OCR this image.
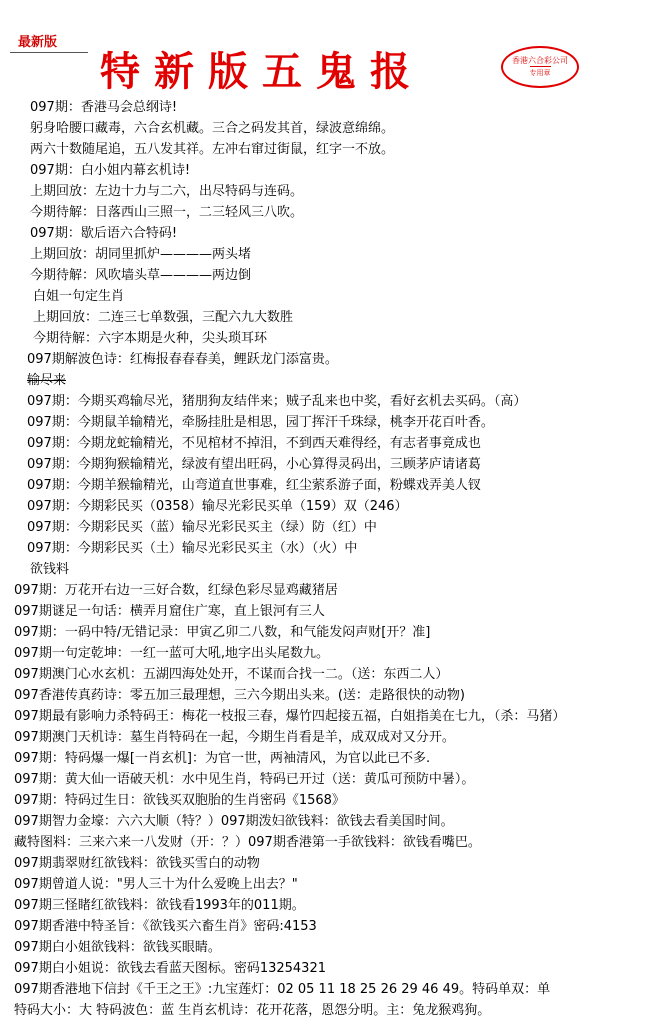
最新版
特新版五鬼报	香港六合彩公司
专用章
097期：香港马会总纲诗!
躬身哈腰口藏毒，六合玄机藏。三合之码发其首，绿波意绵绵。
两六十数随尾追，五八发其祥。左冲右窜过街鼠，红字一不放。
097期：白小姐内幕玄机诗!
上期回放：左边十力与二六，出尽特码与连码。
今期待解：日落西山三照一，二三轻风三八吹。
097期：歇后语六合特码!
上期回放：胡同里抓炉————两头堵
今期待解：风吹墙头草————两边倒
白姐一句定生肖
上期回放：二连三七单数强，三配六九大数胜
今期待解：六字本期是火种，尖头琐耳环
097期解波色诗：红梅报春春春美，鲤跃龙门添富贵。
输尽来
097期：今期买鸡输尽光，猪朋狗友结伴来；贼子乱来也中奖，看好玄机去买码。（高）
097期：今期鼠羊输精光，牵肠挂肚是相思，园丁挥汗千珠绿，桃李开花百叶香。
097期：今期龙蛇输精光，不见棺材不掉泪，不到西天难得经，有志者事竟成也
097期：今期狗猴输精光，绿波有望出旺码，小心算得灵码出，三顾茅庐请诸葛
097期：今期羊猴输精光，山弯道直世事难，红尘萦系游子面，粉蝶戏弄美人钗
097期：今期彩民买（0358）输尽光彩民买单（159）双（246）
097期：今期彩民买（蓝）输尽光彩民买主（绿）防（红）中
097期：今期彩民买（土）输尽光彩民买主（水）（火）中
欲钱料
097期：万花开右边一三好合数，红绿色彩尽显鸡藏猪居
097期谜足一句话：横弄月窟住广寒，直上银河有三人
097期：一码中特/无错记录：甲寅乙卯二八数，和气能发闷声财[开？准]
097期一句定乾坤：一红一蓝可大吼,地字出头尾数九。
097期澳门心水玄机：五湖四海处处开，不谋而合找一二。（送：东西二人）
097香港传真药诗：零五加三最理想，三六今期出头来。(送：走路很快的动物)
097期最有影响力杀特码王：梅花一枝报三春，爆竹四起接五福，白姐指美在七九，（杀：马猪）
097期澳门天机诗：墓生肖特码在一起，今期生肖看是羊，成双成对又分开。
097期：特码爆一爆[一肖玄机]：为官一世，两袖清风，为官以此已不多.
097期：黄大仙一语破天机：水中见生肖，特码已开过（送：黄瓜可预防中暑）。
097期：特码过生日：欲钱买双胞胎的生肖密码《1568》
097期智力金壕：六六大顺（特？）097期泼妇欲钱料：欲钱去看美国时间。
藏特图料：三来六来一八发财（开：？）097期香港第一手欲钱料：欲钱看嘴巴。
097期翡翠财红欲钱料：欲钱买雪白的动物
097期曾道人说："男人三十为什么爱晚上出去？"
097期三怪睹红欲钱料：欲钱看1993年的011期。
097期香港中特圣旨：《欲钱买六畜生肖》密码:4153
097期白小姐欲钱料：欲钱买眼睛。
097期白小姐说：欲钱去看蓝天图标。密码13254321
097期香港地下信封《千王之王》:九宝莲灯：02 05 11 18 25 26 29 46 49。特码单双：单
特码大小：大 特码波色：蓝 生肖玄机诗：花开花落，恩怨分明。主：兔龙猴鸡狗。
